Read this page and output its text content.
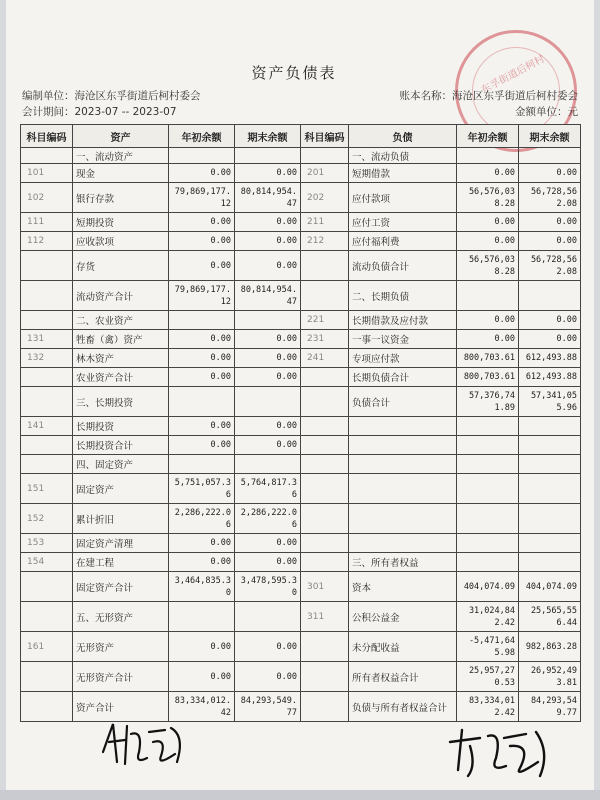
东孚街道后柯村
资产负债表
编制单位：海沧区东孚街道后柯村委会
会计期间：2023-07 -- 2023-07
账本名称：海沧区东孚街道后柯村委会
金额单位：元
科目编码	资产	年初余额	期末余额	科目编码	负债	年初余额	期末余额
	一、流动资产				一、流动负债	

101	现金	0.00	0.00	201	短期借款	0.00	0.00

102	银行存款	79,869,177.12	80,814,954.47	202	应付款项	56,576,038.28	56,728,562.08

111	短期投资	0.00	0.00	211	应付工资	0.00	0.00

112	应收款项	0.00	0.00	212	应付福利费	0.00	0.00

	存货	0.00	0.00		流动负债合计	56,576,038.28	56,728,562.08

	流动资产合计	79,869,177.12	80,814,954.47		二、长期负债	

	二、农业资产			221	长期借款及应付款	0.00	0.00

131	牲畜（禽）资产	0.00	0.00	231	一事一议资金	0.00	0.00

132	林木资产	0.00	0.00	241	专项应付款	800,703.61	612,493.88

	农业资产合计	0.00	0.00		长期负债合计	800,703.61	612,493.88

	三、长期投资				负债合计	57,376,741.89	57,341,055.96

141	长期投资	0.00	0.00				

	长期投资合计	0.00	0.00				

	四、固定资产	

151	固定资产	5,751,057.36	5,764,817.36				

152	累计折旧	2,286,222.06	2,286,222.06				

153	固定资产清理	0.00	0.00				

154	在建工程	0.00	0.00		三、所有者权益	

	固定资产合计	3,464,835.30	3,478,595.30	301	资本	404,074.09	404,074.09

	五、无形资产			311	公积公益金	31,024,842.42	25,565,556.44

161	无形资产	0.00	0.00		未分配收益	-5,471,645.98	982,863.28

	无形资产合计	0.00	0.00		所有者权益合计	25,957,270.53	26,952,493.81

	资产合计	83,334,012.42	84,293,549.77		负债与所有者权益合计	83,334,012.42	84,293,549.77
